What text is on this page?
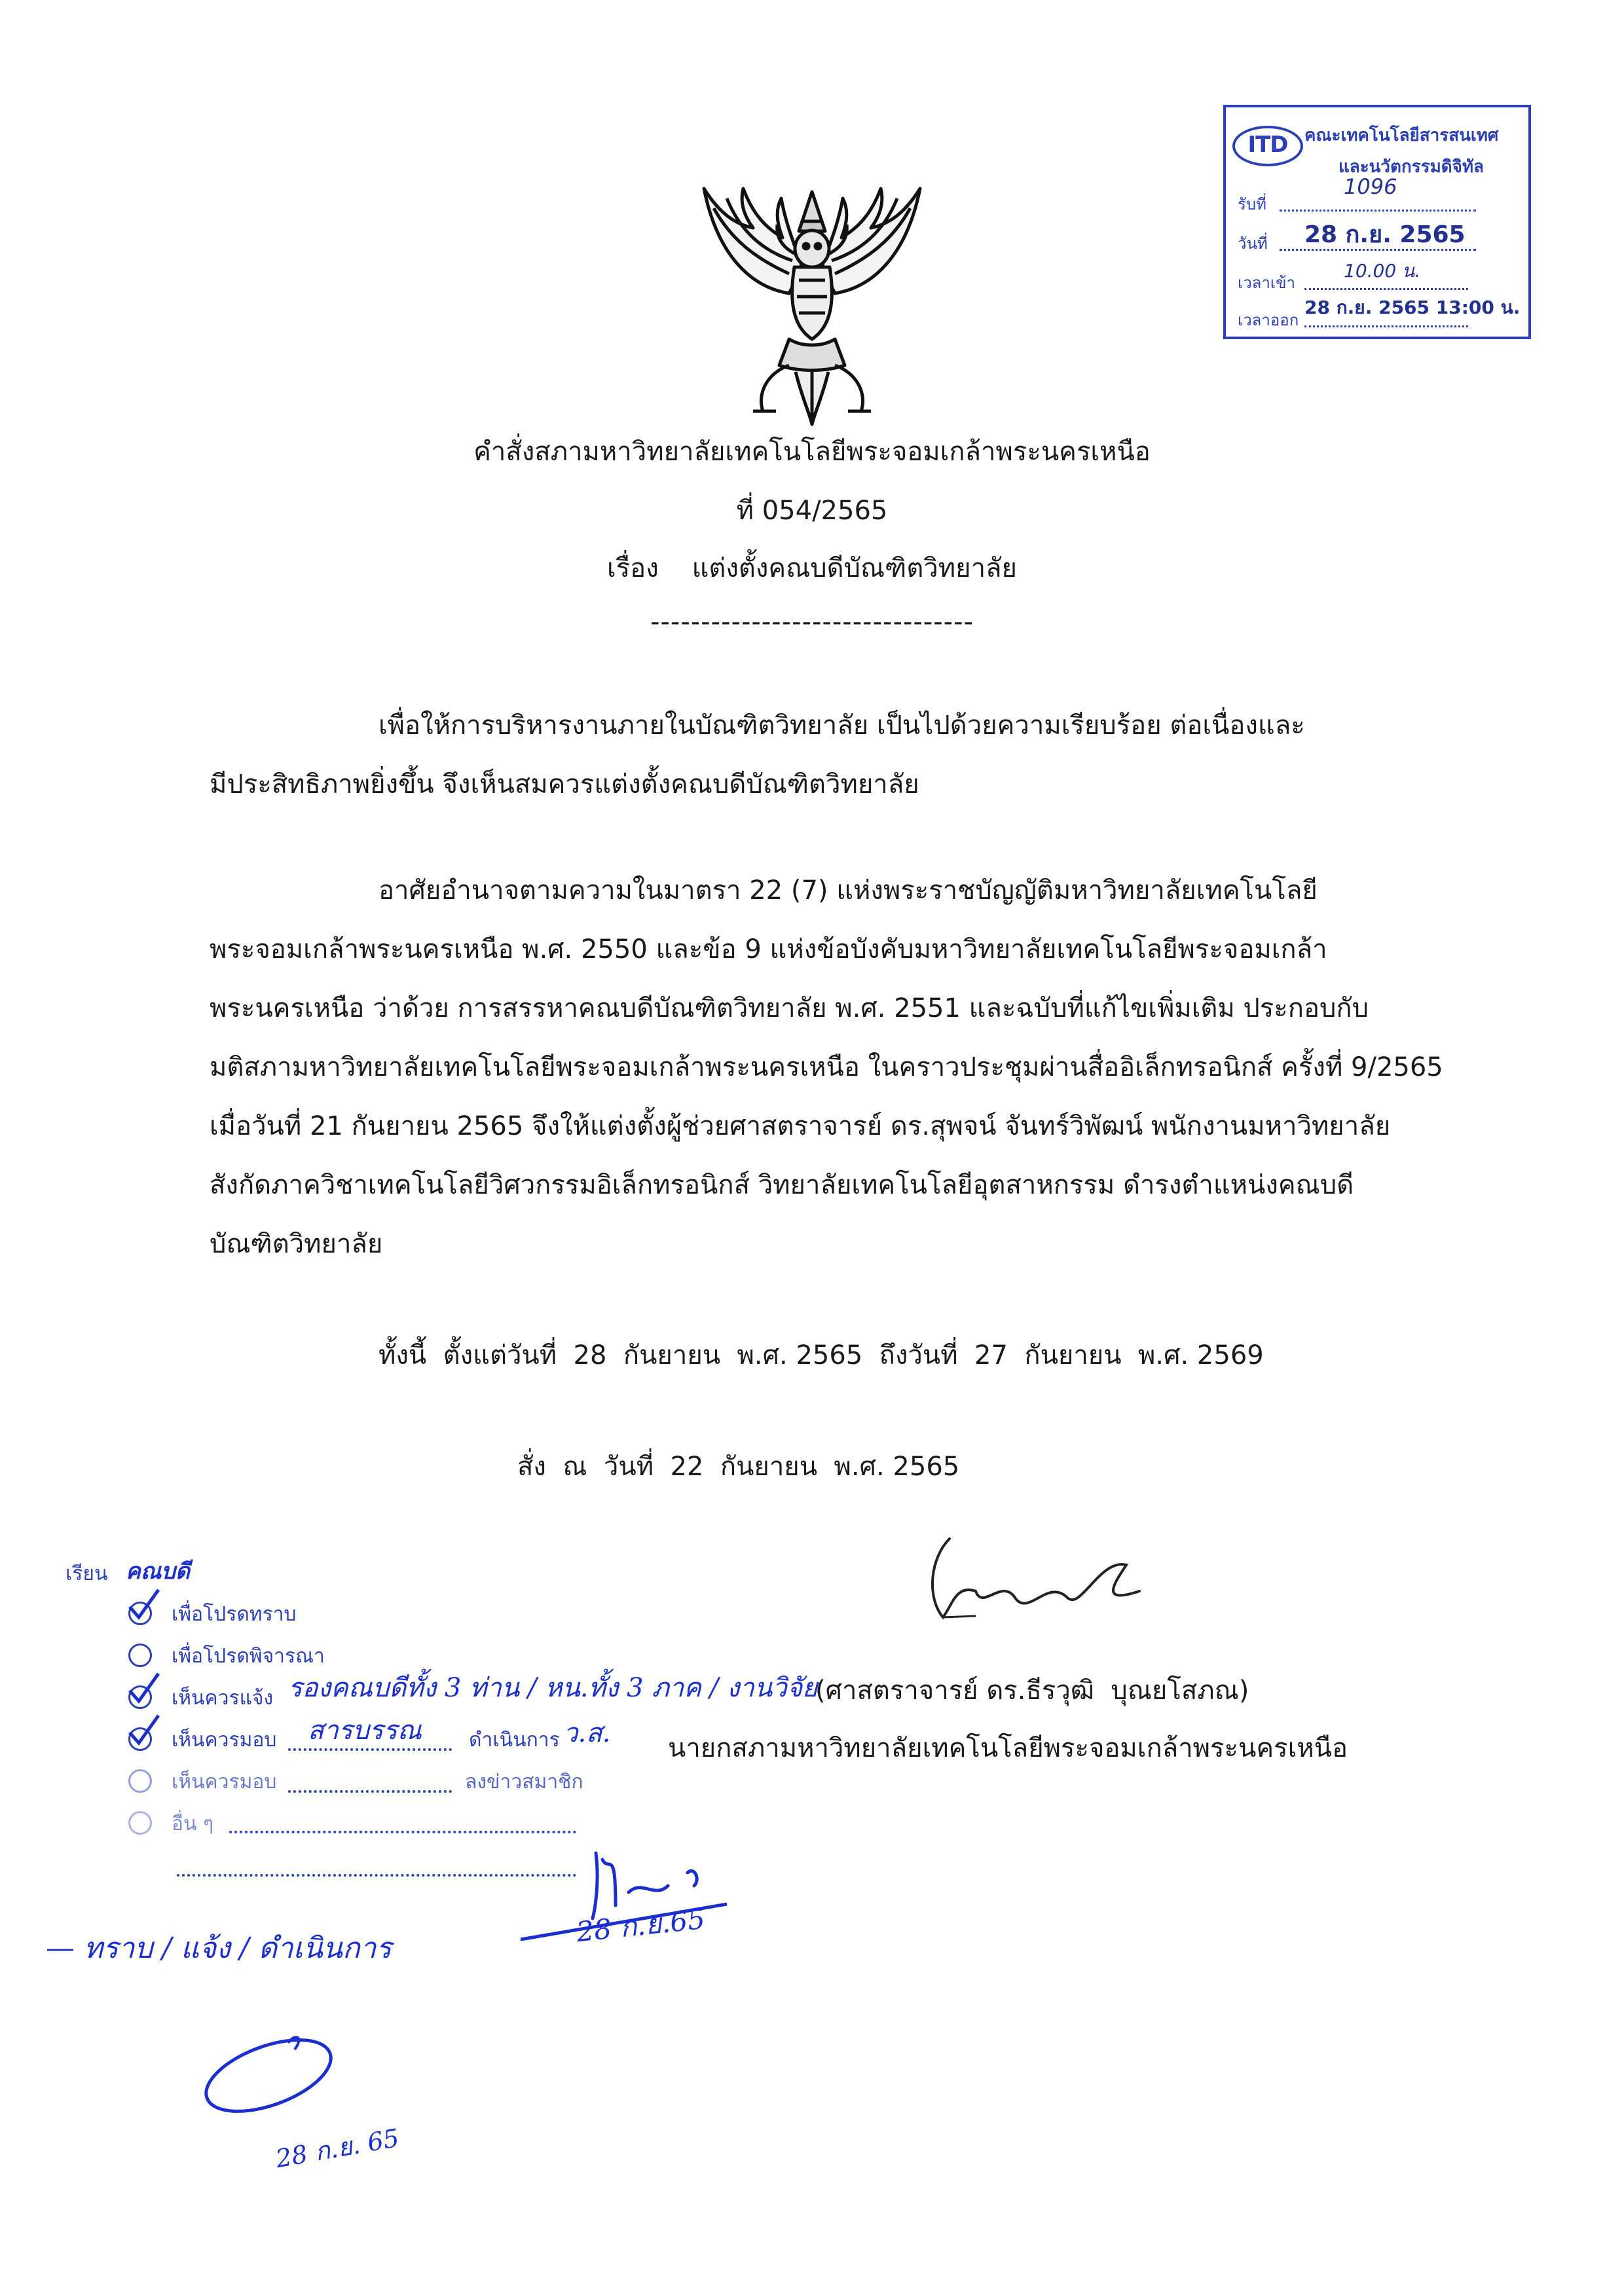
ITD คณะเทคโนโลยีสารสนเทศ
และนวัตกรรมดิจิทัล
รับที่
1096
วันที่ 28 ก.ย. 2565
เวลาเข้า
10.00 น.
เวลาออก
28 ก.ย. 2565 13:00 น.
คำสั่งสภามหาวิทยาลัยเทคโนโลยีพระจอมเกล้าพระนครเหนือ
ที่ 054/2565
เรื่อง    แต่งตั้งคณบดีบัณฑิตวิทยาลัย
--------------------------------
เพื่อให้การบริหารงานภายในบัณฑิตวิทยาลัย เป็นไปด้วยความเรียบร้อย ต่อเนื่องและ
มีประสิทธิภาพยิ่งขึ้น จึงเห็นสมควรแต่งตั้งคณบดีบัณฑิตวิทยาลัย
อาศัยอำนาจตามความในมาตรา 22 (7) แห่งพระราชบัญญัติมหาวิทยาลัยเทคโนโลยี
พระจอมเกล้าพระนครเหนือ พ.ศ. 2550 และข้อ 9 แห่งข้อบังคับมหาวิทยาลัยเทคโนโลยีพระจอมเกล้า
พระนครเหนือ ว่าด้วย การสรรหาคณบดีบัณฑิตวิทยาลัย พ.ศ. 2551 และฉบับที่แก้ไขเพิ่มเติม ประกอบกับ
มติสภามหาวิทยาลัยเทคโนโลยีพระจอมเกล้าพระนครเหนือ ในคราวประชุมผ่านสื่ออิเล็กทรอนิกส์ ครั้งที่ 9/2565
เมื่อวันที่ 21 กันยายน 2565 จึงให้แต่งตั้งผู้ช่วยศาสตราจารย์ ดร.สุพจน์ จันทร์วิพัฒน์ พนักงานมหาวิทยาลัย
สังกัดภาควิชาเทคโนโลยีวิศวกรรมอิเล็กทรอนิกส์ วิทยาลัยเทคโนโลยีอุตสาหกรรม ดำรงตำแหน่งคณบดี
บัณฑิตวิทยาลัย
ทั้งนี้  ตั้งแต่วันที่  28  กันยายน  พ.ศ. 2565  ถึงวันที่  27  กันยายน  พ.ศ. 2569
สั่ง  ณ  วันที่  22  กันยายน  พ.ศ. 2565
(ศาสตราจารย์ ดร.ธีรวุฒิ  บุณยโสภณ)
นายกสภามหาวิทยาลัยเทคโนโลยีพระจอมเกล้าพระนครเหนือ
เรียน คณบดี
เพื่อโปรดทราบ
เพื่อโปรดพิจารณา
เห็นควรแจ้ง รองคณบดีทั้ง 3 ท่าน / หน.ทั้ง 3 ภาค / งานวิจัย
เห็นควรมอบ สารบรรณ ดำเนินการ ว.ส.
เห็นควรมอบ	ลงข่าวสมาชิก
อื่น ๆ
28 ก.ย.65
— ทราบ / แจ้ง / ดำเนินการ
28 ก.ย. 65
